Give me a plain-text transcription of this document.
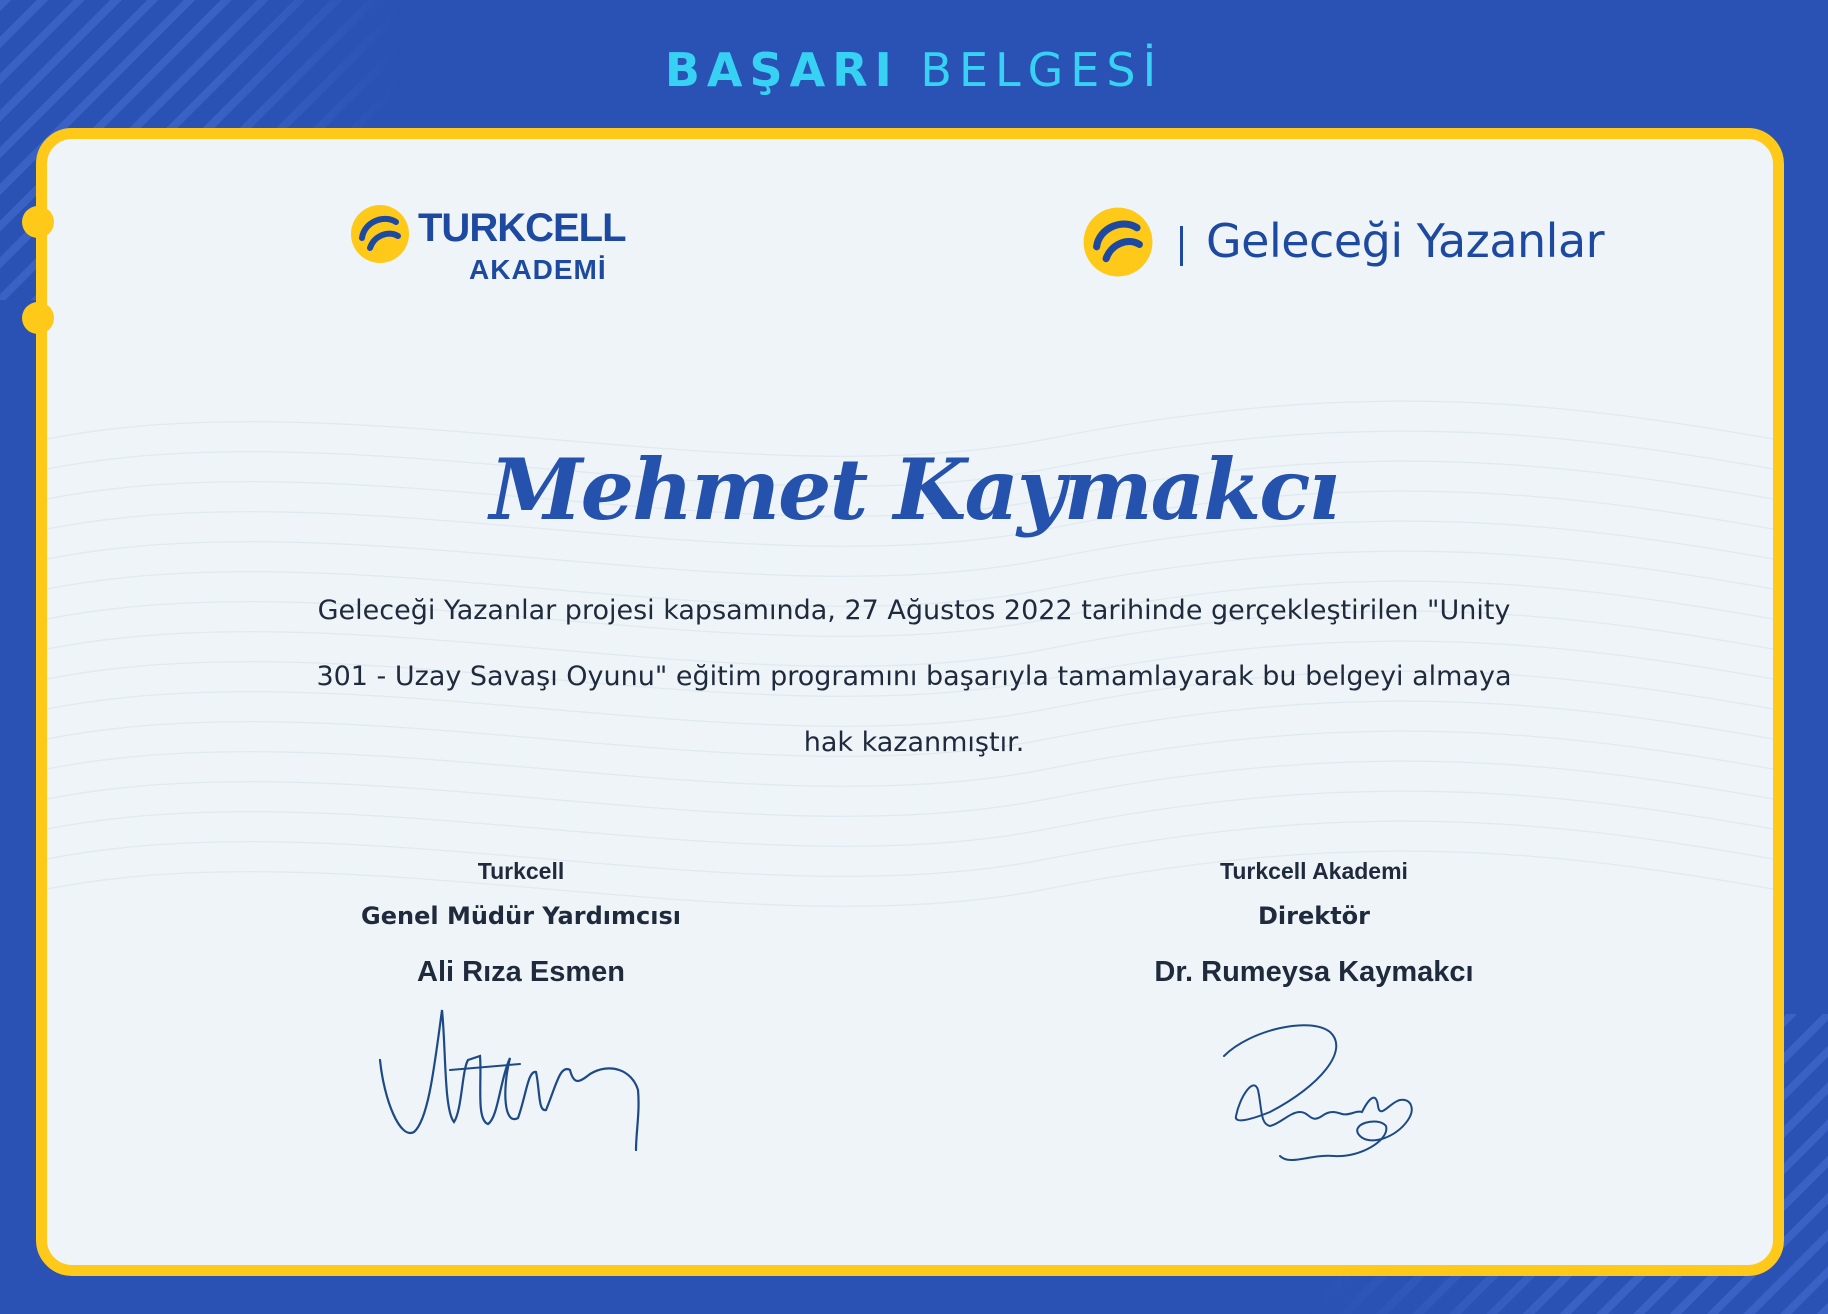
BAŞARI BELGESİ
TURKCELL
AKADEMİ
Geleceği Yazanlar
Mehmet Kaymakcı
Geleceği Yazanlar projesi kapsamında, 27 Ağustos 2022 tarihinde gerçekleştirilen "Unity 301 - Uzay Savaşı Oyunu" eğitim programını başarıyla tamamlayarak bu belgeyi almaya hak kazanmıştır.
Turkcell
Genel Müdür Yardımcısı
Ali Rıza Esmen
Turkcell Akademi
Direktör
Dr. Rumeysa Kaymakcı
